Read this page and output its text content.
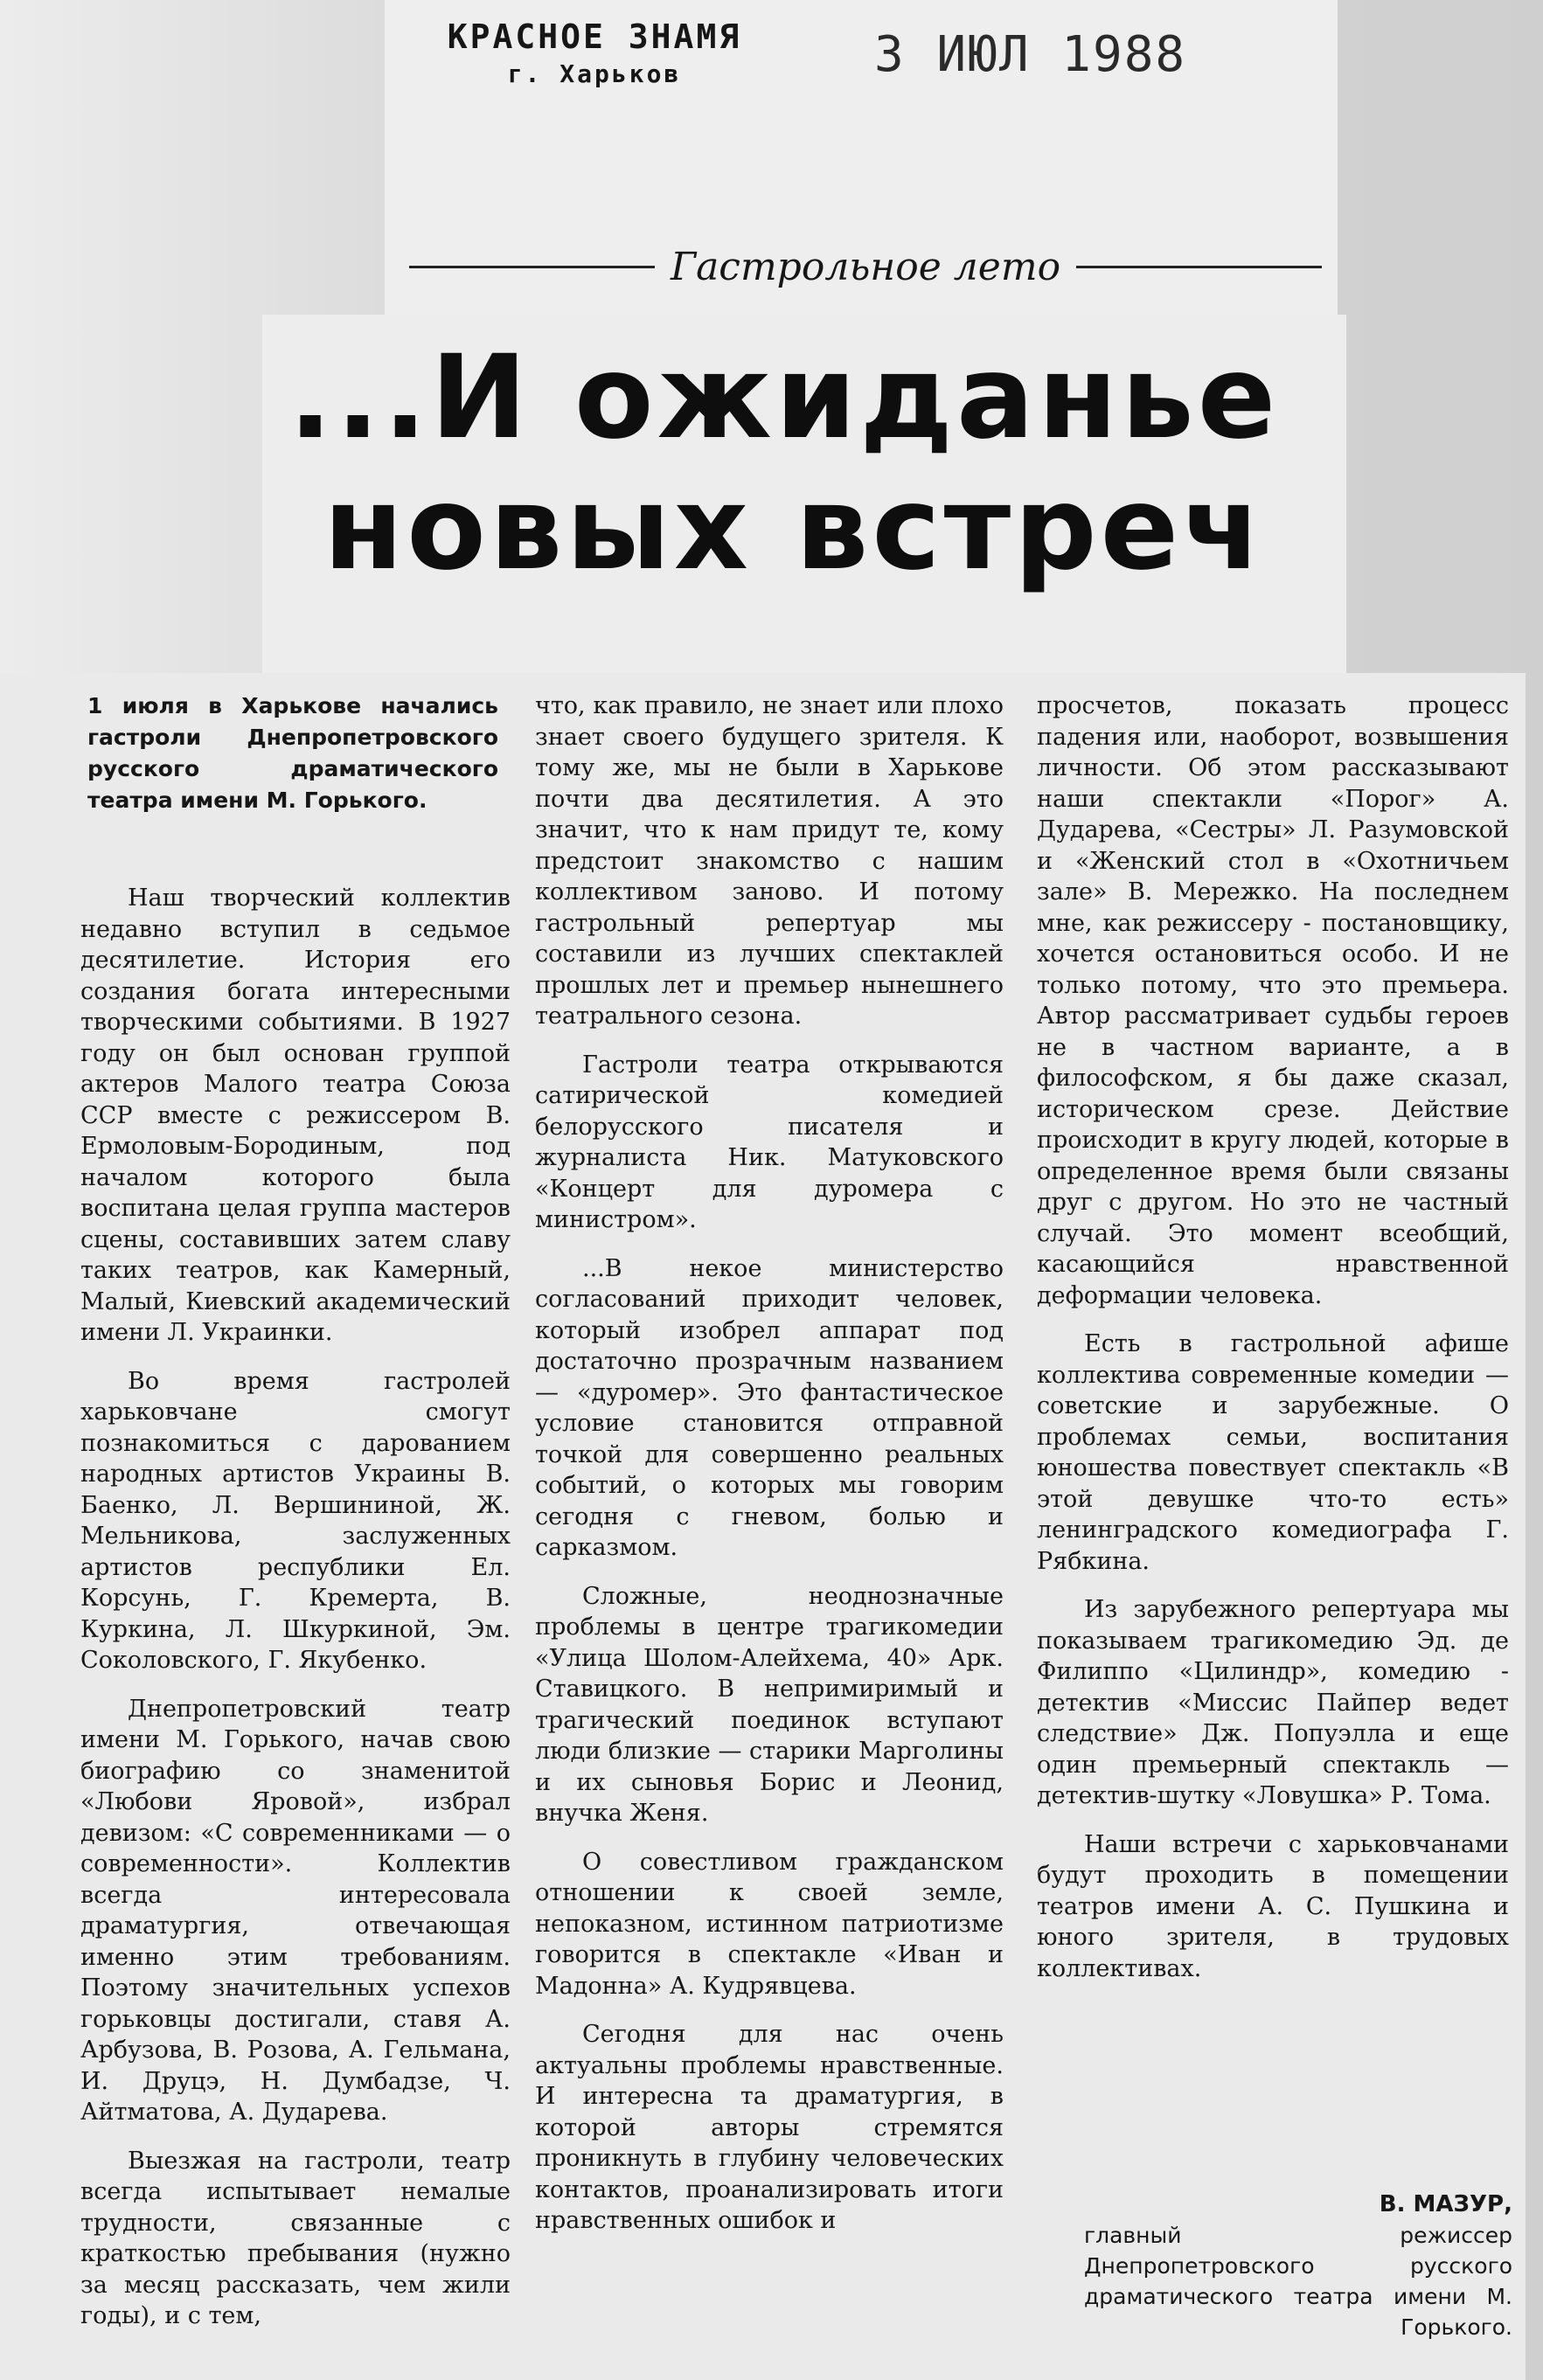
КРАСНОЕ ЗНАМЯ
г. Харьков	3 ИЮЛ 1988
Гастрольное лето
...И ожиданье
новых встреч
1 июля в Харькове начались гастроли Днепропетровского русского драматического театра имени М. Горького.

Наш творческий коллектив недавно вступил в седьмое десятилетие. История его создания богата интересными творческими событиями. В 1927 году он был основан группой актеров Малого театра Союза ССР вместе с режиссером В. Ермоловым-Бородиным, под началом которого была воспитана целая группа мастеров сцены, составивших затем славу таких театров, как Камерный, Малый, Киевский академический имени Л. Украинки.

Во время гастролей харьковчане смогут познакомиться с дарованием народных артистов Украины В. Баенко, Л. Вершининой, Ж. Мельникова, заслуженных артистов республики Ел. Корсунь, Г. Кремерта, В. Куркина, Л. Шкуркиной, Эм. Соколовского, Г. Якубенко.

Днепропетровский театр имени М. Горького, начав свою биографию со знаменитой «Любови Яровой», избрал девизом: «С современниками — о современности». Коллектив всегда интересовала драматургия, отвечающая именно этим требованиям. Поэтому значительных успехов горьковцы достигали, ставя А. Арбузова, В. Розова, А. Гельмана, И. Друцэ, Н. Думбадзе, Ч. Айтматова, А. Дударева.

Выезжая на гастроли, театр всегда испытывает немалые трудности, связанные с краткостью пребывания (нужно за месяц рассказать, чем жили годы), и с тем,

что, как правило, не знает или плохо знает своего будущего зрителя. К тому же, мы не были в Харькове почти два десятилетия. А это значит, что к нам придут те, кому предстоит знакомство с нашим коллективом заново. И потому гастрольный репертуар мы составили из лучших спектаклей прошлых лет и премьер нынешнего театрального сезона.

Гастроли театра открываются сатирической комедией белорусского писателя и журналиста Ник. Матуковского «Концерт для дуромера с министром».

...В некое министерство согласований приходит человек, который изобрел аппарат под достаточно прозрачным названием — «дуромер». Это фантастическое условие становится отправной точкой для совершенно реальных событий, о которых мы говорим сегодня с гневом, болью и сарказмом.

Сложные, неоднозначные проблемы в центре трагикомедии «Улица Шолом-Алейхема, 40» Арк. Ставицкого. В непримиримый и трагический поединок вступают люди близкие — старики Марголины и их сыновья Борис и Леонид, внучка Женя.

О совестливом гражданском отношении к своей земле, непоказном, истинном патриотизме говорится в спектакле «Иван и Мадонна» А. Кудрявцева.

Сегодня для нас очень актуальны проблемы нравственные. И интересна та драматургия, в которой авторы стремятся проникнуть в глубину человеческих контактов, проанализировать итоги нравственных ошибок и

просчетов, показать процесс падения или, наоборот, возвышения личности. Об этом рассказывают наши спектакли «Порог» А. Дударева, «Сестры» Л. Разумовской и «Женский стол в «Охотничьем зале» В. Мережко. На последнем мне, как режиссеру - постановщику, хочется остановиться особо. И не только потому, что это премьера. Автор рассматривает судьбы героев не в частном варианте, а в философском, я бы даже сказал, историческом срезе. Действие происходит в кругу людей, которые в определенное время были связаны друг с другом. Но это не частный случай. Это момент всеобщий, касающийся нравственной деформации человека.

Есть в гастрольной афише коллектива современные комедии — советские и зарубежные. О проблемах семьи, воспитания юношества повествует спектакль «В этой девушке что-то есть» ленинградского комедиографа Г. Рябкина.

Из зарубежного репертуара мы показываем трагикомедию Эд. де Филиппо «Цилиндр», комедию - детектив «Миссис Пайпер ведет следствие» Дж. Попуэлла и еще один премьерный спектакль — детектив-шутку «Ловушка» Р. Тома.

Наши встречи с харьковчанами будут проходить в помещении театров имени А. С. Пушкина и юного зрителя, в трудовых коллективах.

В. МАЗУР,
главный режиссер Днепропетровского русского драматического театра имени М. Горького.
